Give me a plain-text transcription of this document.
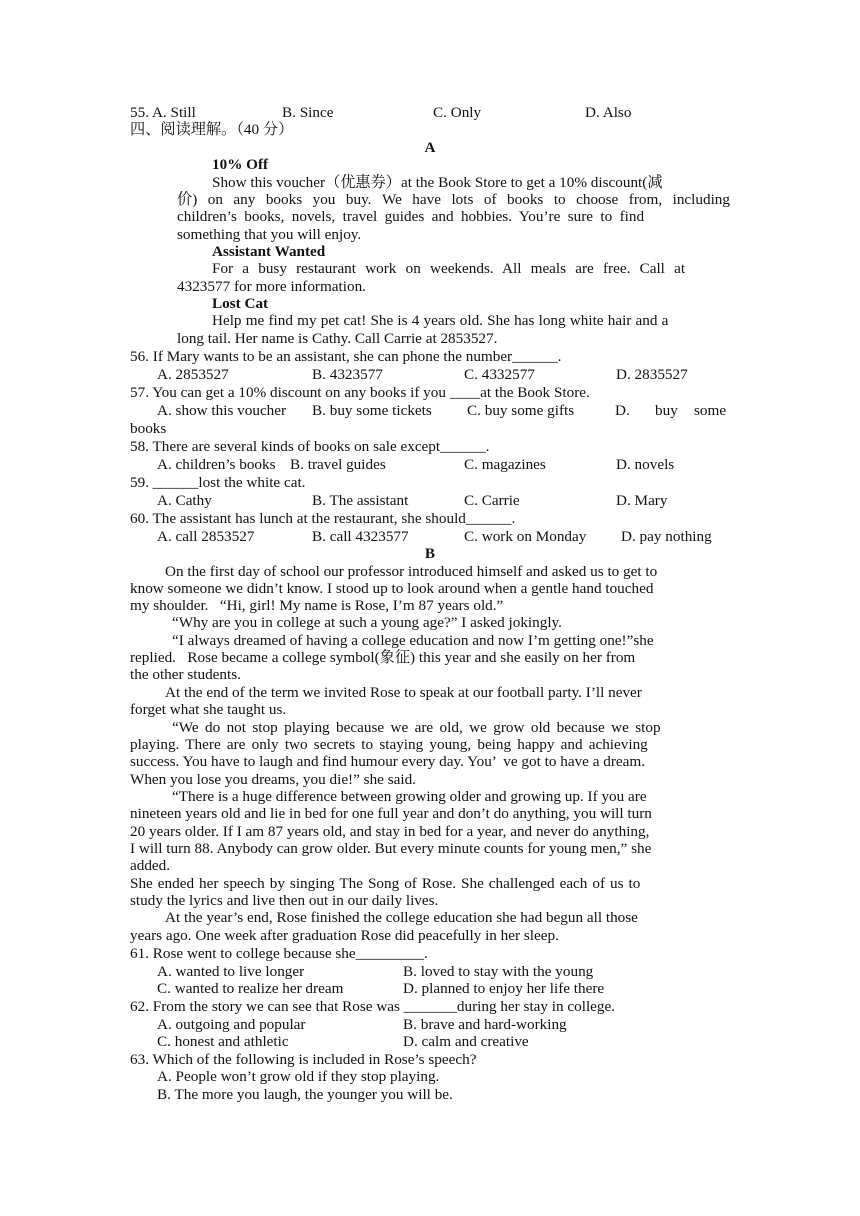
55. A. Still

	B. Since

	C. Only

	D. Also

四、阅读理解。（40 分）
A
10% Off
Show this voucher（优惠券）at the Book Store to get a 10% discount(减
价) on any books you buy. We have lots of books to choose from, including
children’s books, novels, travel guides and hobbies. You’re sure to find
something that you will enjoy.
Assistant Wanted
For a busy restaurant work on weekends. All meals are free. Call at
4323577 for more information.
Lost Cat
Help me find my pet cat! She is 4 years old. She has long white hair and a
long tail. Her name is Cathy. Call Carrie at 2853527.
56. If Mary wants to be an assistant, she can phone the number______.

A. 2853527

	B. 4323577

	C. 4332577

	D. 2835527

57. You can get a 10% discount on any books if you ____at the Book Store.

A. show this voucher

B. buy some tickets

C. buy some gifts

	D.

buy

some

books
58. There are several kinds of books on sale except______.

A. children’s books

B. travel guides

	C. magazines

	D. novels

59. ______lost the white cat.

A. Cathy

	B. The assistant

	C. Carrie

	D. Mary

60. The assistant has lunch at the restaurant, she should______.

A. call 2853527

	B. call 4323577

	C. work on Monday

D. pay nothing

B
On the first day of school our professor introduced himself and asked us to get to
know someone we didn’t know. I stood up to look around when a gentle hand touched
my shoulder.   “Hi, girl! My name is Rose, I’m 87 years old.”
“Why are you in college at such a young age?” I asked jokingly.
“I always dreamed of having a college education and now I’m getting one!”she
replied.   Rose became a college symbol(象征) this year and she easily on her from
the other students.
At the end of the term we invited Rose to speak at our football party. I’ll never
forget what she taught us.
“We do not stop playing because we are old, we grow old because we stop
playing. There are only two secrets to staying young, being happy and achieving
success. You have to laugh and find humour every day. You’  ve got to have a dream.
When you lose you dreams, you die!” she said.
“There is a huge difference between growing older and growing up. If you are
nineteen years old and lie in bed for one full year and don’t do anything, you will turn
20 years older. If I am 87 years old, and stay in bed for a year, and never do anything,
I will turn 88. Anybody can grow older. But every minute counts for young men,” she
added.
She ended her speech by singing The Song of Rose. She challenged each of us to
study the lyrics and live then out in our daily lives.
At the year’s end, Rose finished the college education she had begun all those
years ago. One week after graduation Rose did peacefully in her sleep.
61. Rose went to college because she_________.

A. wanted to live longer

	B. loved to stay with the young

C. wanted to realize her dream

	D. planned to enjoy her life there

62. From the story we can see that Rose was _______during her stay in college.

A. outgoing and popular

	B. brave and hard-working

C. honest and athletic

	D. calm and creative

63. Which of the following is included in Rose’s speech?
A. People won’t grow old if they stop playing.
B. The more you laugh, the younger you will be.
